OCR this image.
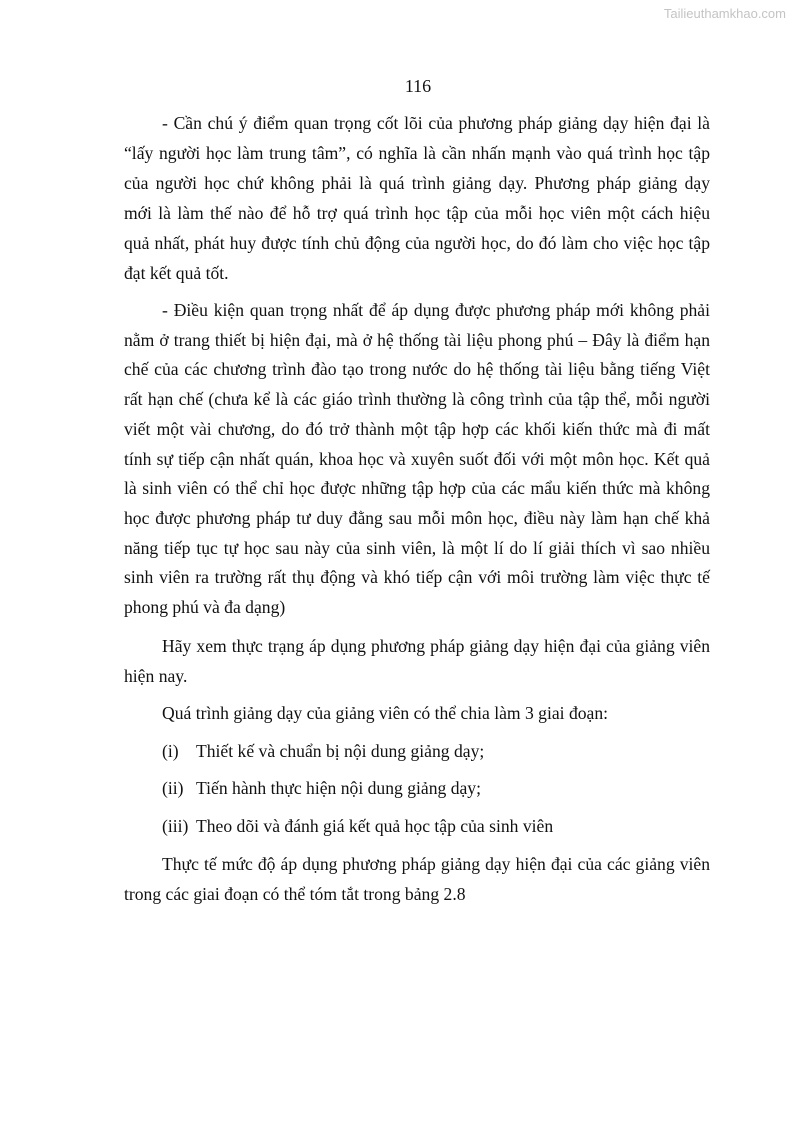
Tailieuthamkhao.com
116
- Cần chú ý điểm quan trọng cốt lõi của phương pháp giảng dạy hiện đại là
“lấy người học làm trung tâm”, có nghĩa là cần nhấn mạnh vào quá trình học tập
của người học chứ không phải là quá trình giảng dạy. Phương pháp giảng dạy
mới là làm thế nào để hỗ trợ quá trình học tập của mỗi học viên một cách hiệu
quả nhất, phát huy được tính chủ động của người học, do đó làm cho việc học tập
đạt kết quả tốt.
- Điều kiện quan trọng nhất để áp dụng được phương pháp mới không phải
nằm ở trang thiết bị hiện đại, mà ở hệ thống tài liệu phong phú – Đây là điểm hạn
chế của các chương trình đào tạo trong nước do hệ thống tài liệu bằng tiếng Việt
rất hạn chế (chưa kể là các giáo trình thường là công trình của tập thể, mỗi người
viết một vài chương, do đó trở thành một tập hợp các khối kiến thức mà đi mất
tính sự tiếp cận nhất quán, khoa học và xuyên suốt đối với một môn học. Kết quả
là sinh viên có thể chỉ học được những tập hợp của các mẩu kiến thức mà không
học được phương pháp tư duy đằng sau mỗi môn học, điều này làm hạn chế khả
năng tiếp tục tự học sau này của sinh viên, là một lí do lí giải thích vì sao nhiều
sinh viên ra trường rất thụ động và khó tiếp cận với môi trường làm việc thực tế
phong phú và đa dạng)
Hãy xem thực trạng áp dụng phương pháp giảng dạy hiện đại của giảng viên
hiện nay.
Quá trình giảng dạy của giảng viên có thể chia làm 3 giai đoạn:
(i) Thiết kế và chuẩn bị nội dung giảng dạy;
(ii) Tiến hành thực hiện nội dung giảng dạy;
(iii) Theo dõi và đánh giá kết quả học tập của sinh viên
Thực tế mức độ áp dụng phương pháp giảng dạy hiện đại của các giảng viên
trong các giai đoạn có thể tóm tắt trong bảng 2.8
